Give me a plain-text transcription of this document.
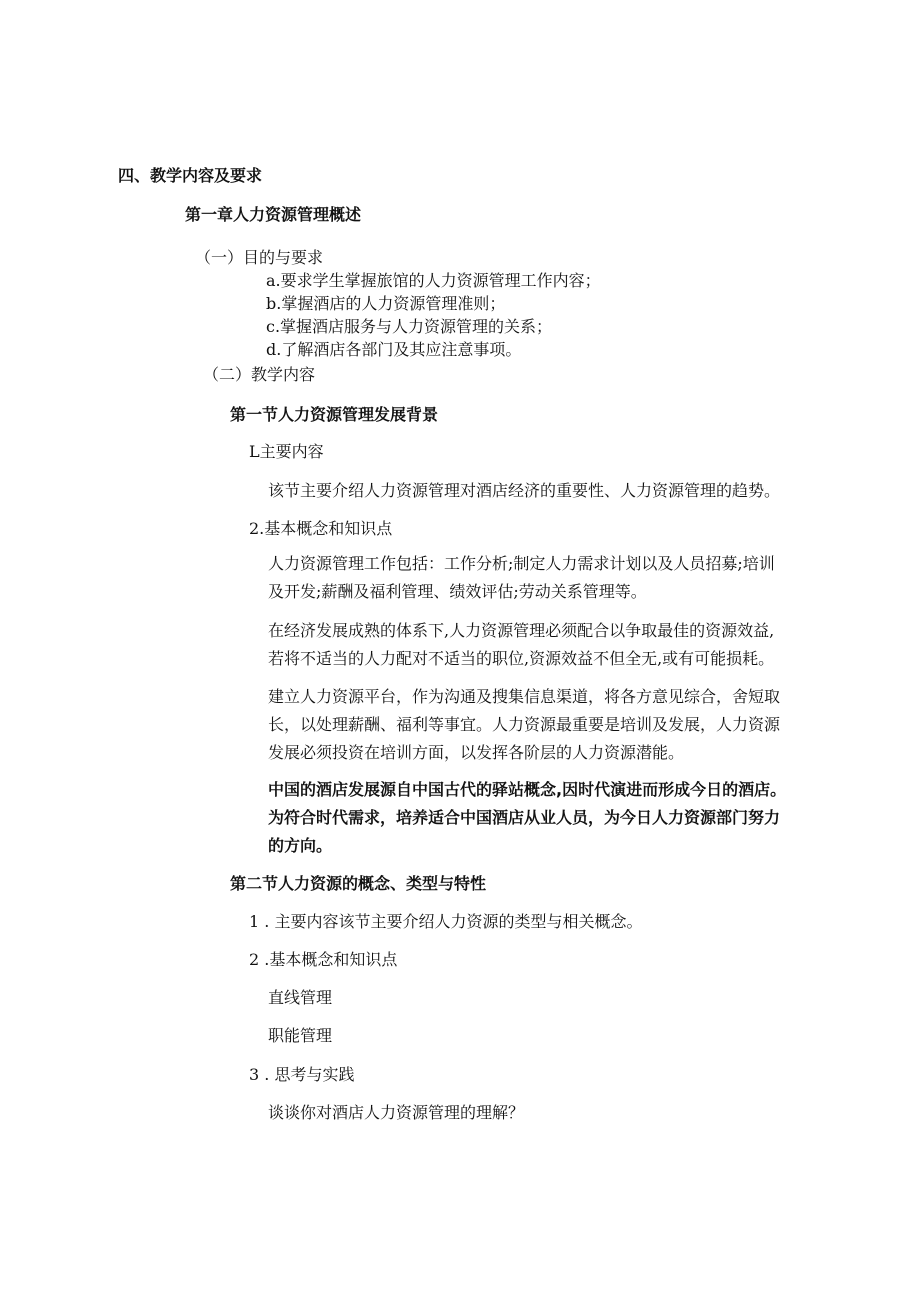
四、教学内容及要求
第一章人力资源管理概述
（一）目的与要求
a.要求学生掌握旅馆的人力资源管理工作内容；
b.掌握酒店的人力资源管理准则；
c.掌握酒店服务与人力资源管理的关系；
d.了解酒店各部门及其应注意事项。
（二）教学内容
第一节人力资源管理发展背景
L主要内容
该节主要介绍人力资源管理对酒店经济的重要性、人力资源管理的趋势。
2.基本概念和知识点
人力资源管理工作包括：工作分析;制定人力需求计划以及人员招募;培训
及开发;薪酬及福利管理、绩效评估;劳动关系管理等。
在经济发展成熟的体系下,人力资源管理必须配合以争取最佳的资源效益,
若将不适当的人力配对不适当的职位,资源效益不但全无,或有可能损耗。
建立人力资源平台，作为沟通及搜集信息渠道，将各方意见综合，舍短取
长，以处理薪酬、福利等事宜。人力资源最重要是培训及发展，人力资源
发展必须投资在培训方面，以发挥各阶层的人力资源潜能。
中国的酒店发展源自中国古代的驿站概念,因时代演进而形成今日的酒店。
为符合时代需求，培养适合中国酒店从业人员，为今日人力资源部门努力
的方向。
第二节人力资源的概念、类型与特性
1 . 主要内容该节主要介绍人力资源的类型与相关概念。
2 .基本概念和知识点
直线管理
职能管理
3 . 思考与实践
谈谈你对酒店人力资源管理的理解？
